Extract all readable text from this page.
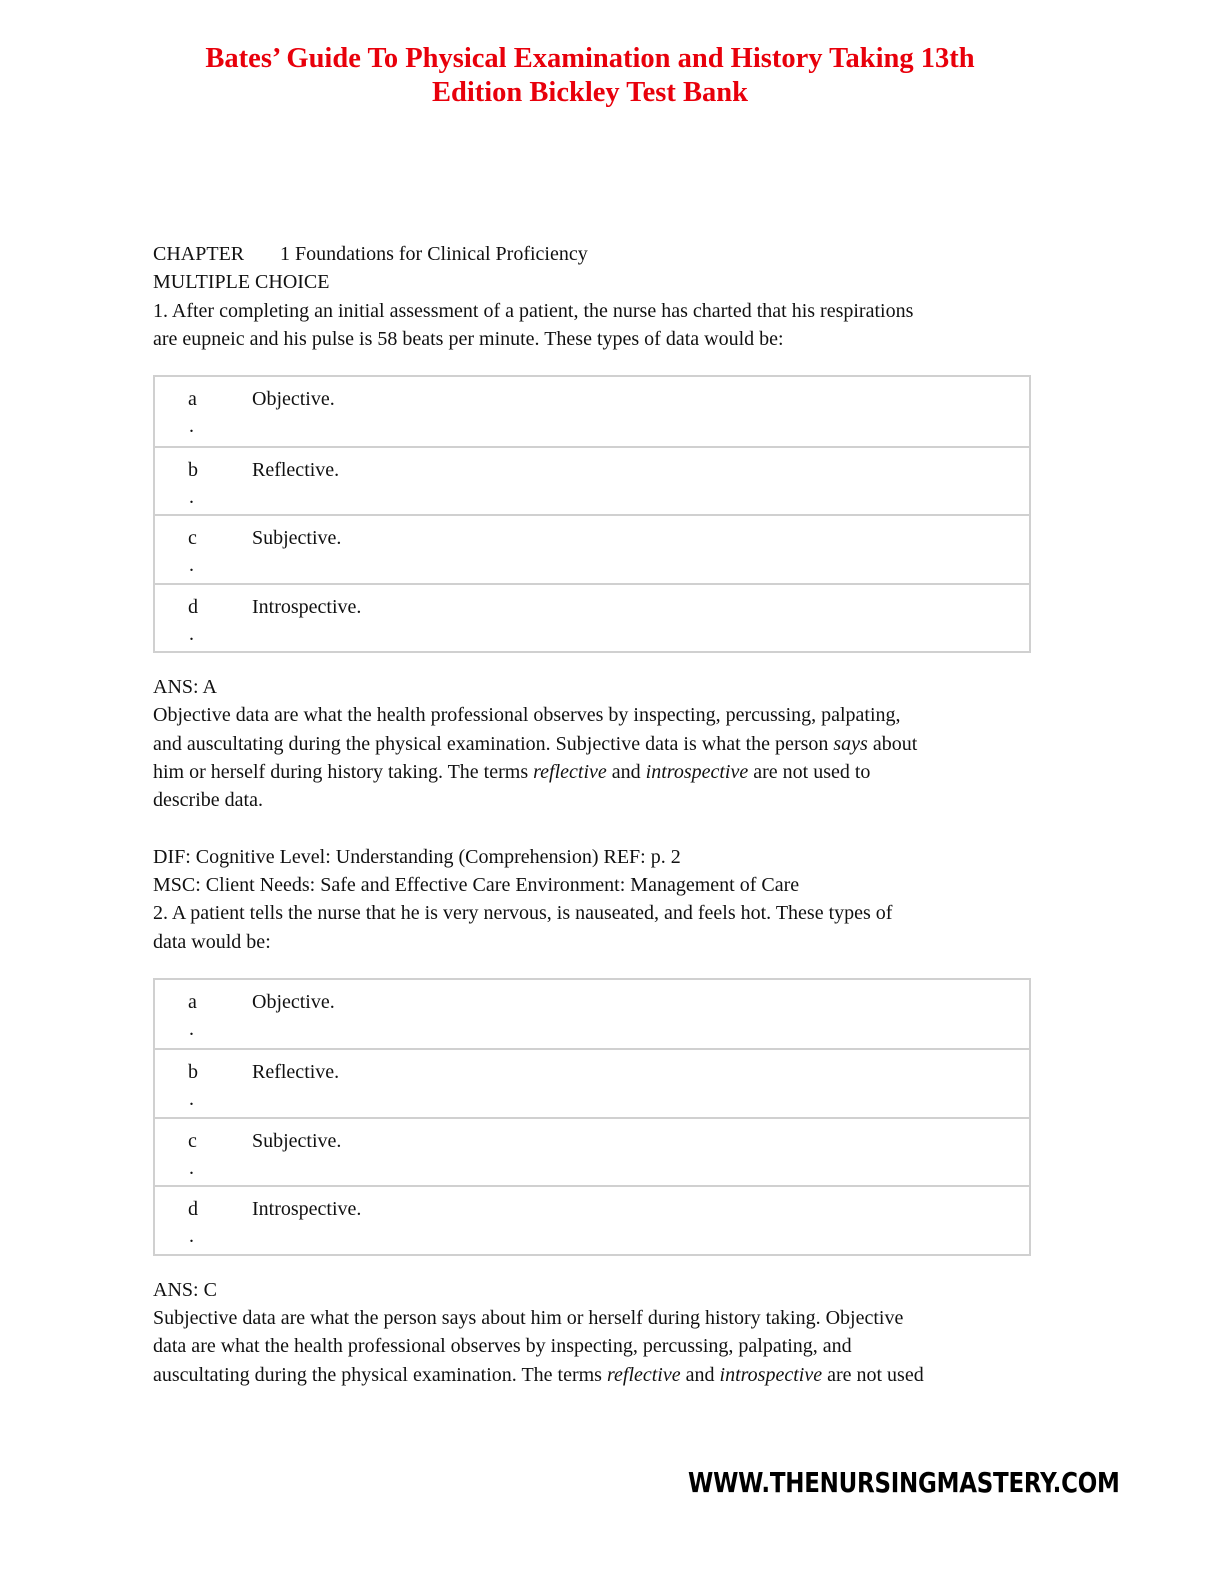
Bates’ Guide To Physical Examination and History Taking 13th
Edition Bickley Test Bank
CHAPTER 1 Foundations for Clinical Proficiency
MULTIPLE CHOICE
1. After completing an initial assessment of a patient, the nurse has charted that his respirations
are eupneic and his pulse is 58 beats per minute. These types of data would be:
a
.
Objective.
b
.
Reflective.
c
.
Subjective.
d
.
Introspective.
ANS: A
Objective data are what the health professional observes by inspecting, percussing, palpating,
and auscultating during the physical examination. Subjective data is what the person says about
him or herself during history taking. The terms reflective and introspective are not used to
describe data.
DIF: Cognitive Level: Understanding (Comprehension) REF: p. 2
MSC: Client Needs: Safe and Effective Care Environment: Management of Care
2. A patient tells the nurse that he is very nervous, is nauseated, and feels hot. These types of
data would be:
a
.
Objective.
b
.
Reflective.
c
.
Subjective.
d
.
Introspective.
ANS: C
Subjective data are what the person says about him or herself during history taking. Objective
data are what the health professional observes by inspecting, percussing, palpating, and
auscultating during the physical examination. The terms reflective and introspective are not used
WWW.THENURSINGMASTERY.COM
